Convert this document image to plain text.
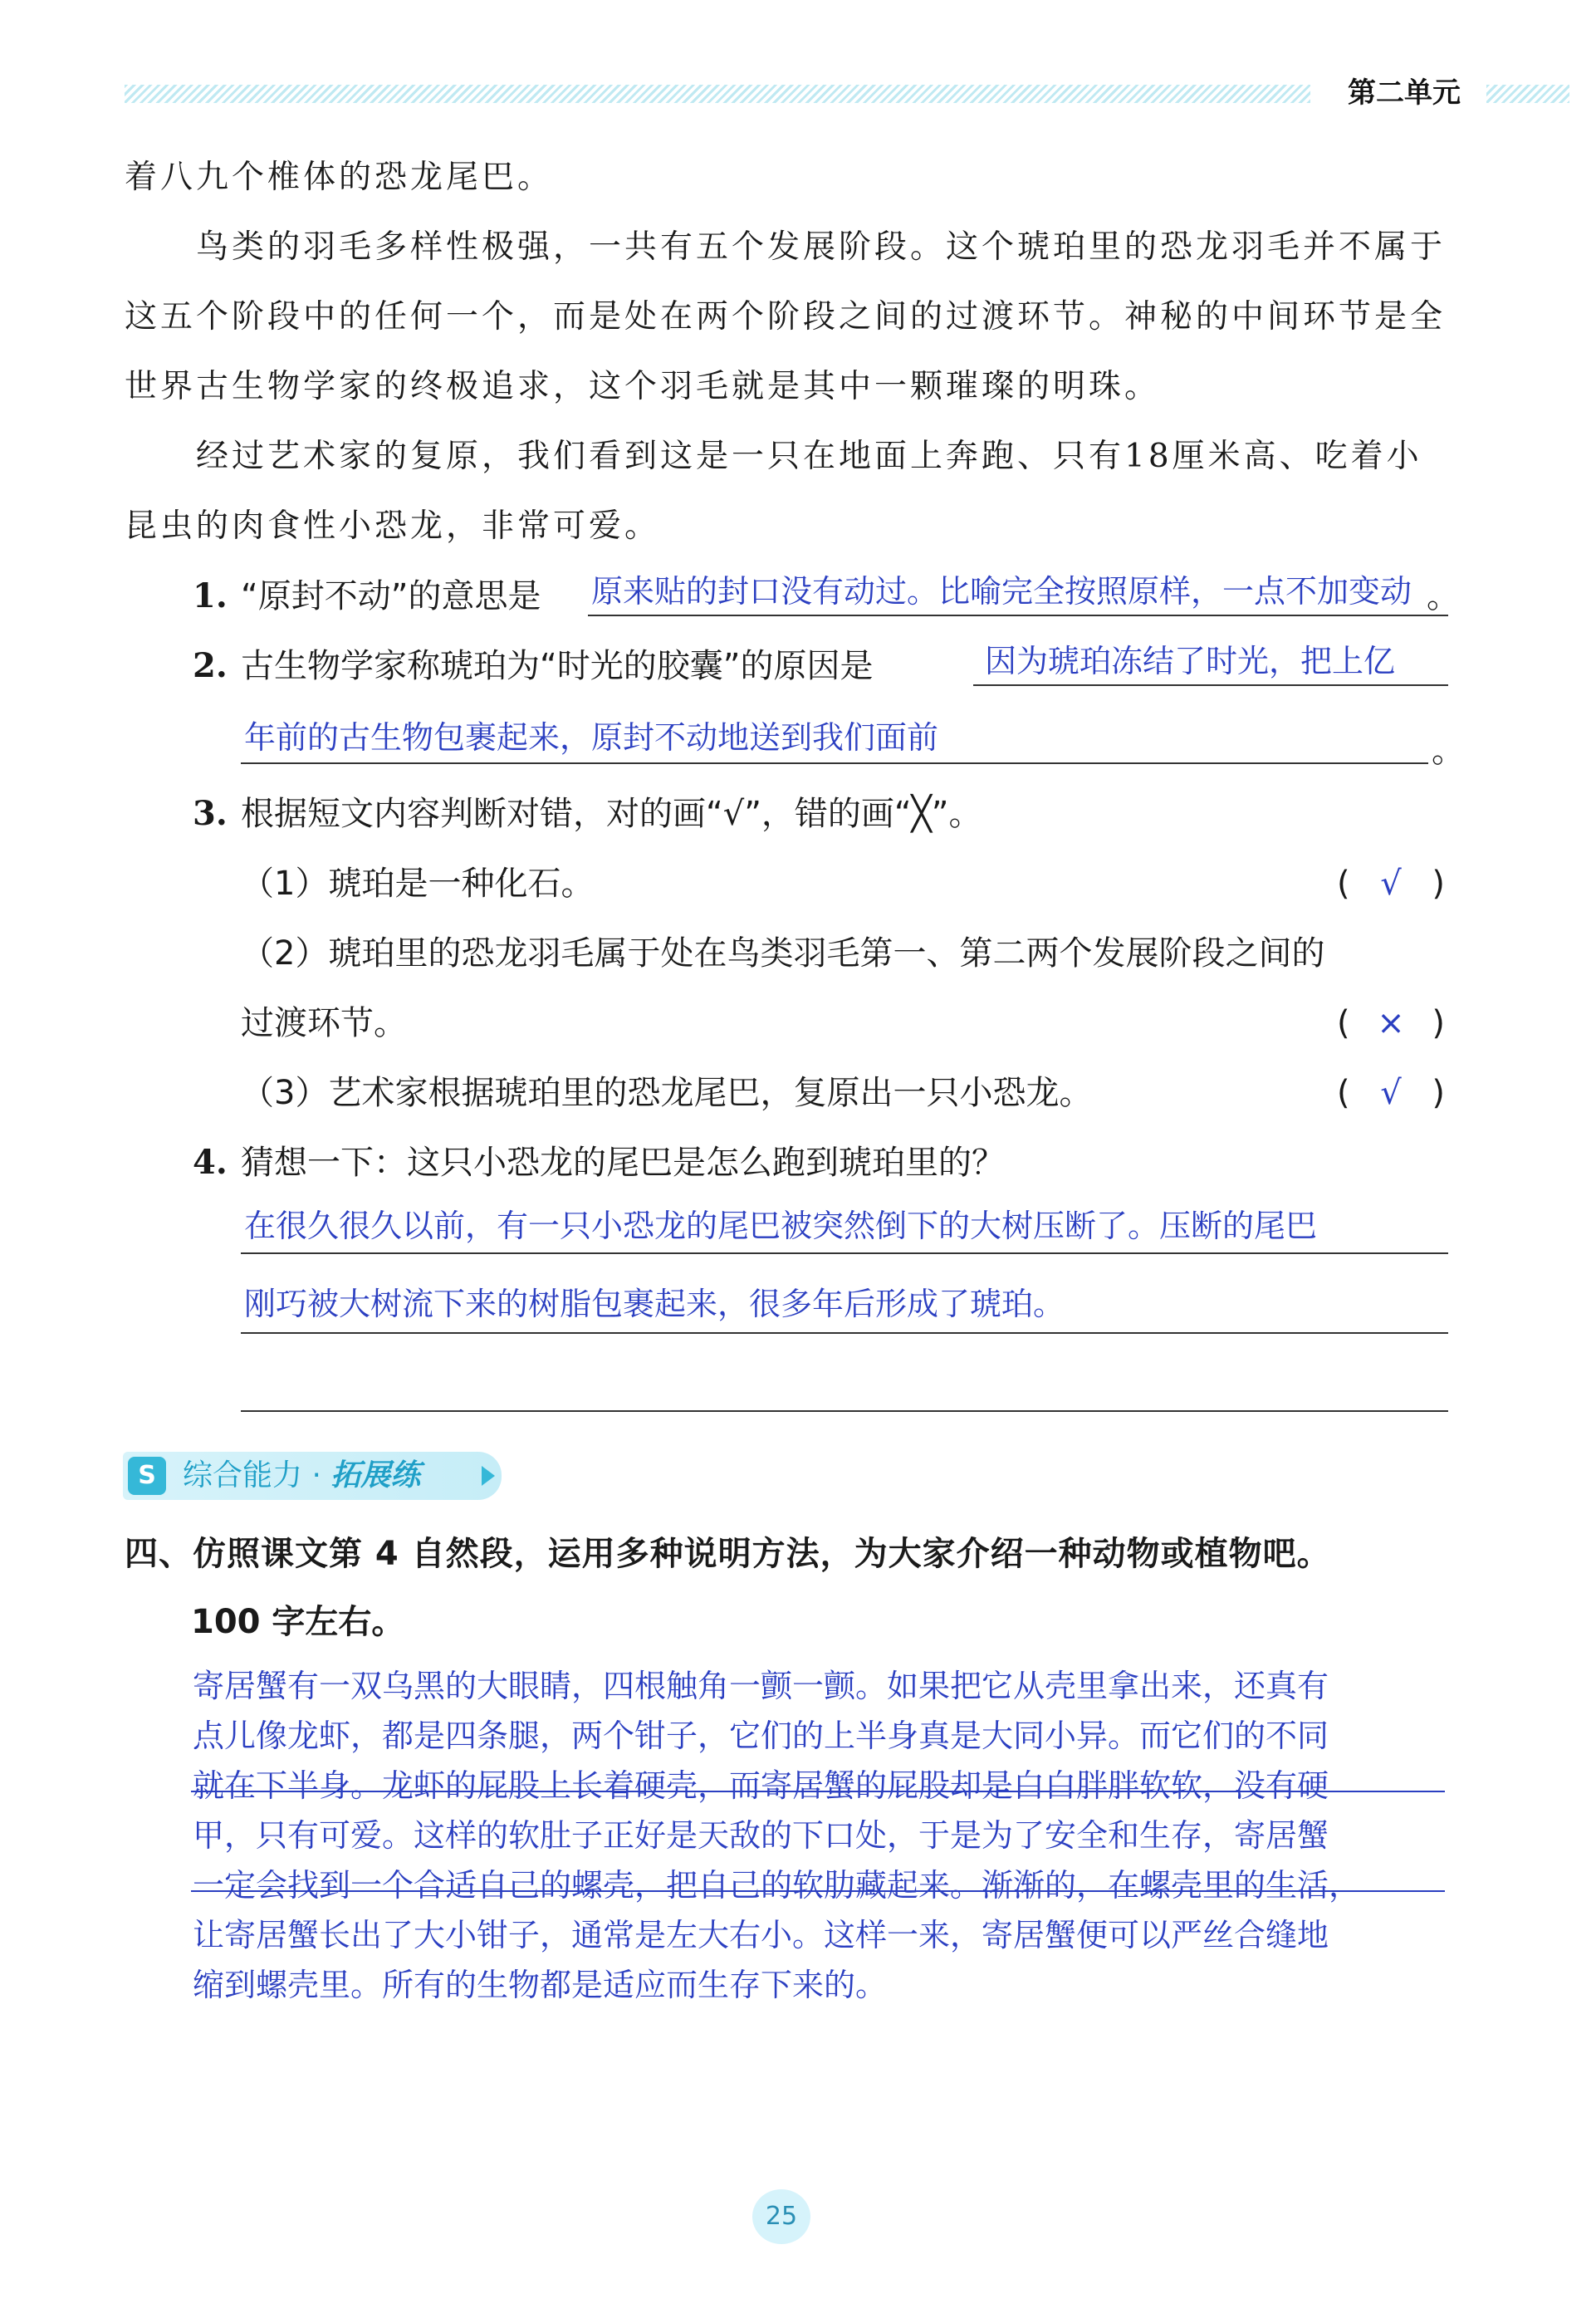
第二单元
着八九个椎体的恐龙尾巴。
鸟类的羽毛多样性极强，一共有五个发展阶段。这个琥珀里的恐龙羽毛并不属于这五个阶段中的任何一个，而是处在两个阶段之间的过渡环节。神秘的中间环节是全世界古生物学家的终极追求，这个羽毛就是其中一颗璀璨的明珠。
经过艺术家的复原，我们看到这是一只在地面上奔跑、只有18厘米高、吃着小昆虫的肉食性小恐龙，非常可爱。
1. “原封不动”的意思是 原来贴的封口没有动过。比喻完全按照原样，一点不加变动 。
2. 古生物学家称琥珀为“时光的胶囊”的原因是	因为琥珀冻结了时光，把上亿
年前的古生物包裹起来，原封不动地送到我们面前	。
3. 根据短文内容判断对错，对的画“√”，错的画“╳”。
（1）琥珀是一种化石。	( √ )
（2）琥珀里的恐龙羽毛属于处在鸟类羽毛第一、第二两个发展阶段之间的
过渡环节。	( × )
（3）艺术家根据琥珀里的恐龙尾巴，复原出一只小恐龙。	( √ )
4. 猜想一下：这只小恐龙的尾巴是怎么跑到琥珀里的？
在很久很久以前，有一只小恐龙的尾巴被突然倒下的大树压断了。压断的尾巴
刚巧被大树流下来的树脂包裹起来，很多年后形成了琥珀。
S 综合能力 · 拓展练
四、仿照课文第 4 自然段，运用多种说明方法，为大家介绍一种动物或植物吧。
100 字左右。
寄居蟹有一双乌黑的大眼睛，四根触角一颤一颤。如果把它从壳里拿出来，还真有
点儿像龙虾，都是四条腿，两个钳子，它们的上半身真是大同小异。而它们的不同
就在下半身。龙虾的屁股上长着硬壳，而寄居蟹的屁股却是白白胖胖软软，没有硬
甲，只有可爱。这样的软肚子正好是天敌的下口处，于是为了安全和生存，寄居蟹
一定会找到一个合适自己的螺壳，把自己的软肋藏起来。渐渐的，在螺壳里的生活，
让寄居蟹长出了大小钳子，通常是左大右小。这样一来，寄居蟹便可以严丝合缝地
缩到螺壳里。所有的生物都是适应而生存下来的。
25
